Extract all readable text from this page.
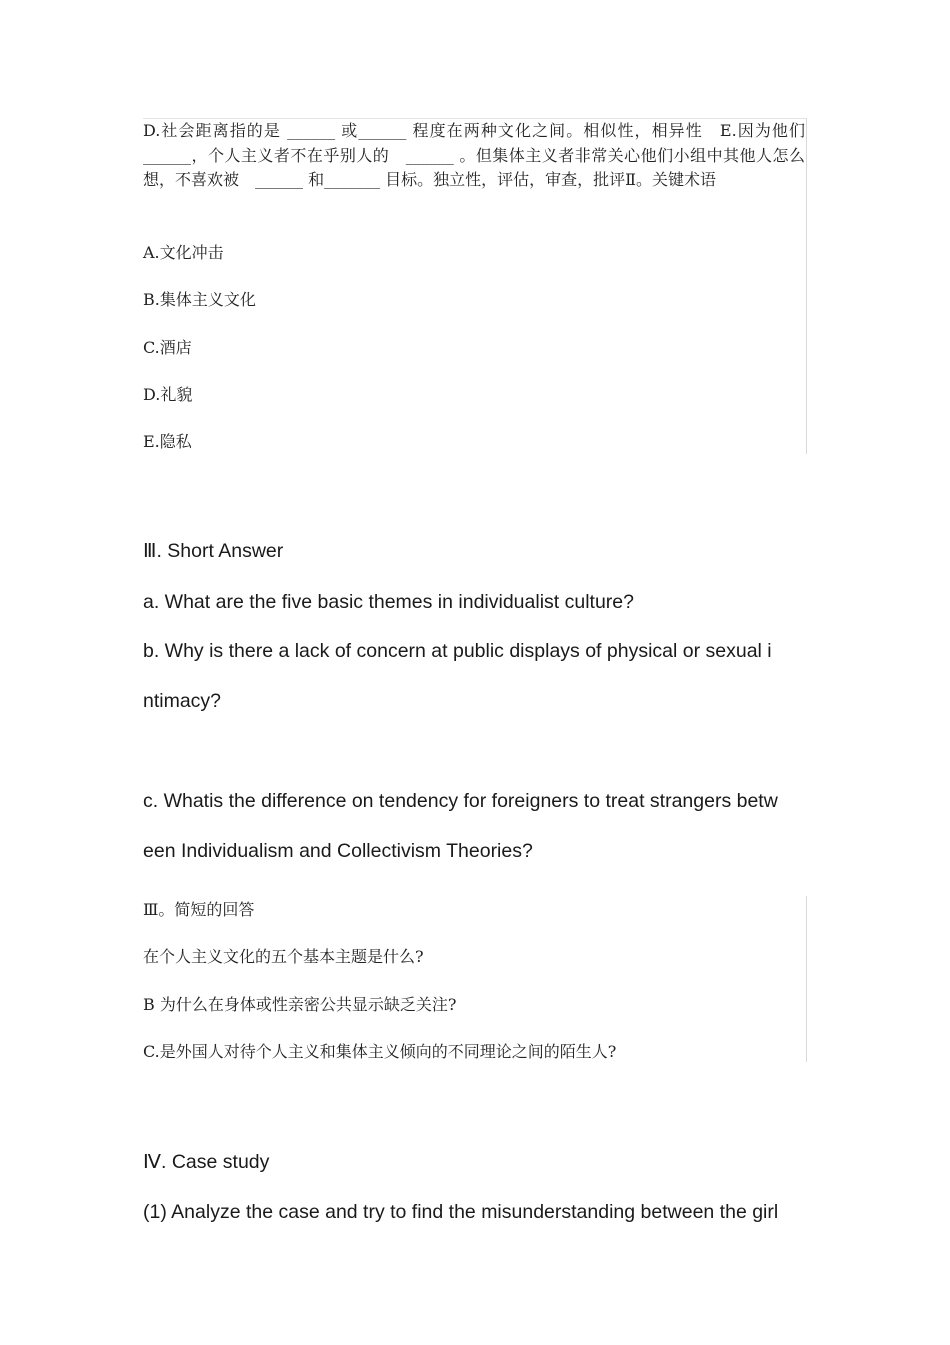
D.社会距离指的是 ______ 或______ 程度在两种文化之间。相似性，相异性　E.因为他们 ______，个人主义者不在乎别人的　______ 。但集体主义者非常关心他们小组中其他人怎么想，不喜欢被　______ 和_______ 目标。独立性，评估，审查，批评Ⅱ。关键术语
A.文化冲击
B.集体主义文化
C.酒店
D.礼貌
E.隐私
Ⅲ. Short Answer
a. What are the five basic themes in individualist culture?
b. Why is there a lack of concern at public displays of physical or sexual i
ntimacy?
c. Whatis the difference on tendency for foreigners to treat strangers betw
een Individualism and Collectivism Theories?
Ⅲ。简短的回答
在个人主义文化的五个基本主题是什么?
B 为什么在身体或性亲密公共显示缺乏关注?
C.是外国人对待个人主义和集体主义倾向的不同理论之间的陌生人?
Ⅳ. Case study
(1) Analyze the case and try to find the misunderstanding between the girl
